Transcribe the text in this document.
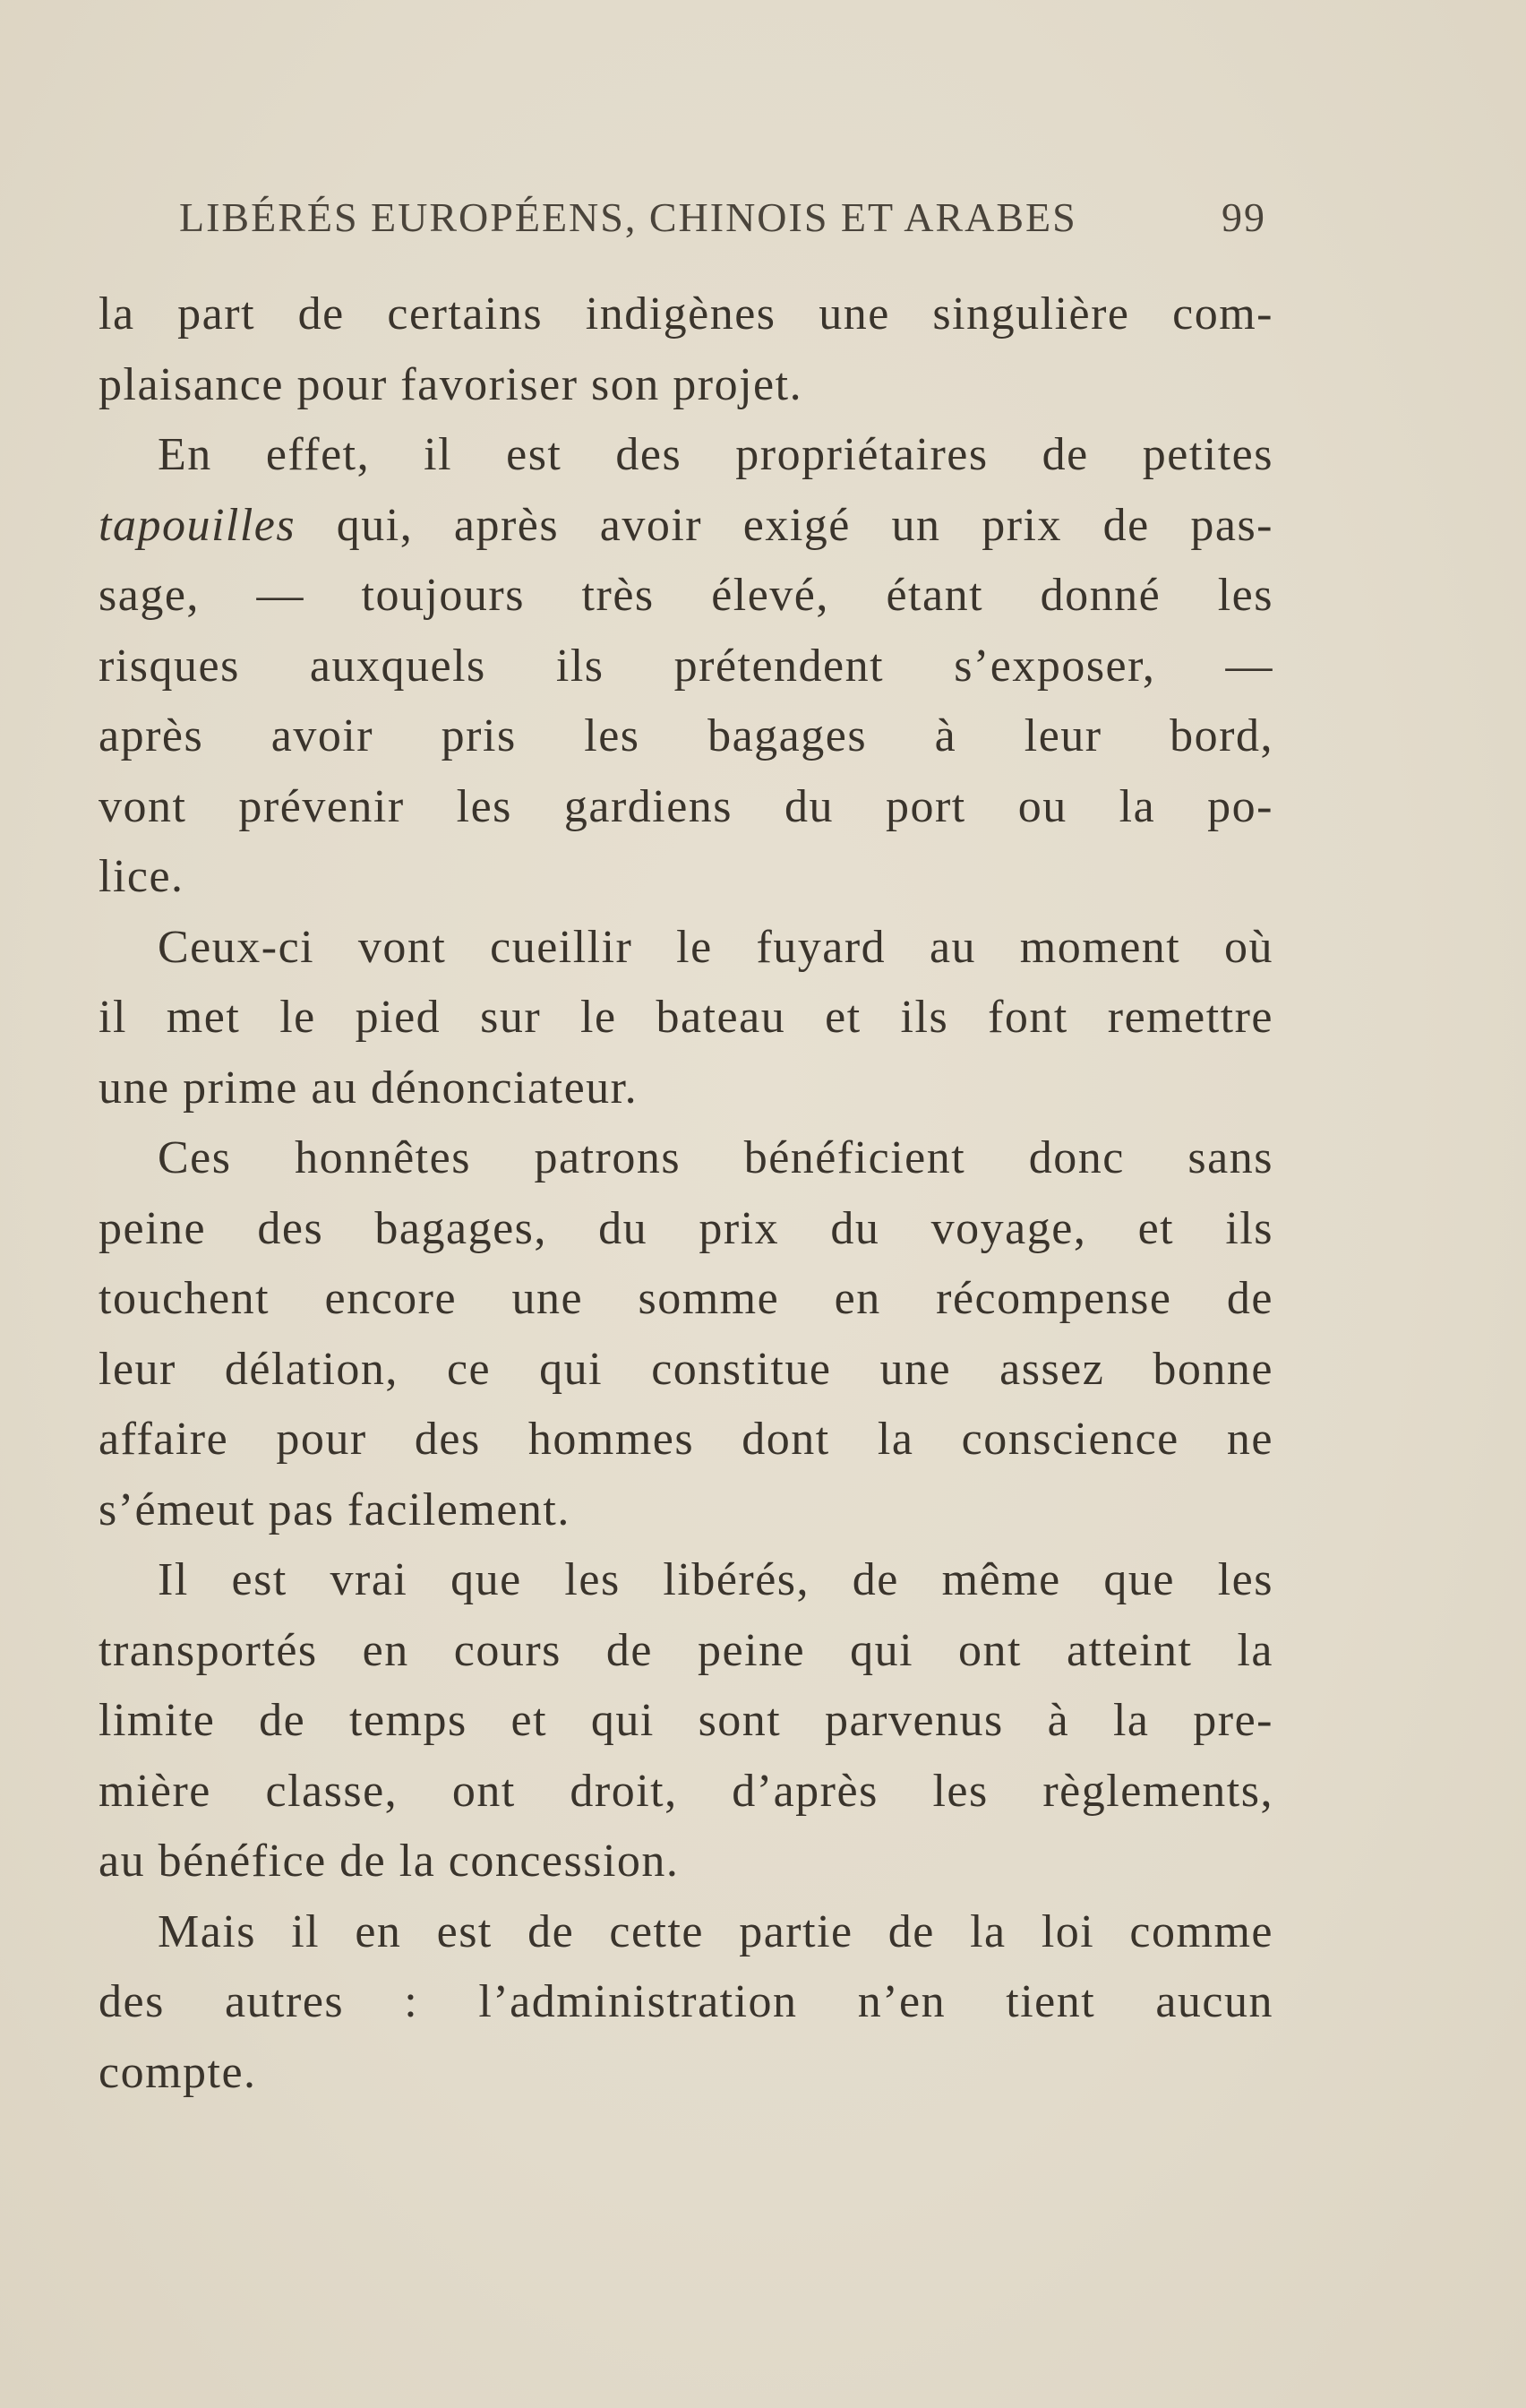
LIBÉRÉS EUROPÉENS, CHINOIS ET ARABES	99
la part de certains indigènes une singulière com-
plaisance pour favoriser son projet.
En effet, il est des propriétaires de petites
tapouilles qui, après avoir exigé un prix de pas-
sage, — toujours très élevé, étant donné les
risques auxquels ils prétendent s’exposer, —
après avoir pris les bagages à leur bord,
vont prévenir les gardiens du port ou la po-
lice.
Ceux-ci vont cueillir le fuyard au moment où
il met le pied sur le bateau et ils font remettre
une prime au dénonciateur.
Ces honnêtes patrons bénéficient donc sans
peine des bagages, du prix du voyage, et ils
touchent encore une somme en récompense de
leur délation, ce qui constitue une assez bonne
affaire pour des hommes dont la conscience ne
s’émeut pas facilement.
Il est vrai que les libérés, de même que les
transportés en cours de peine qui ont atteint la
limite de temps et qui sont parvenus à la pre-
mière classe, ont droit, d’après les règlements,
au bénéfice de la concession.
Mais il en est de cette partie de la loi comme
des autres : l’administration n’en tient aucun
compte.
